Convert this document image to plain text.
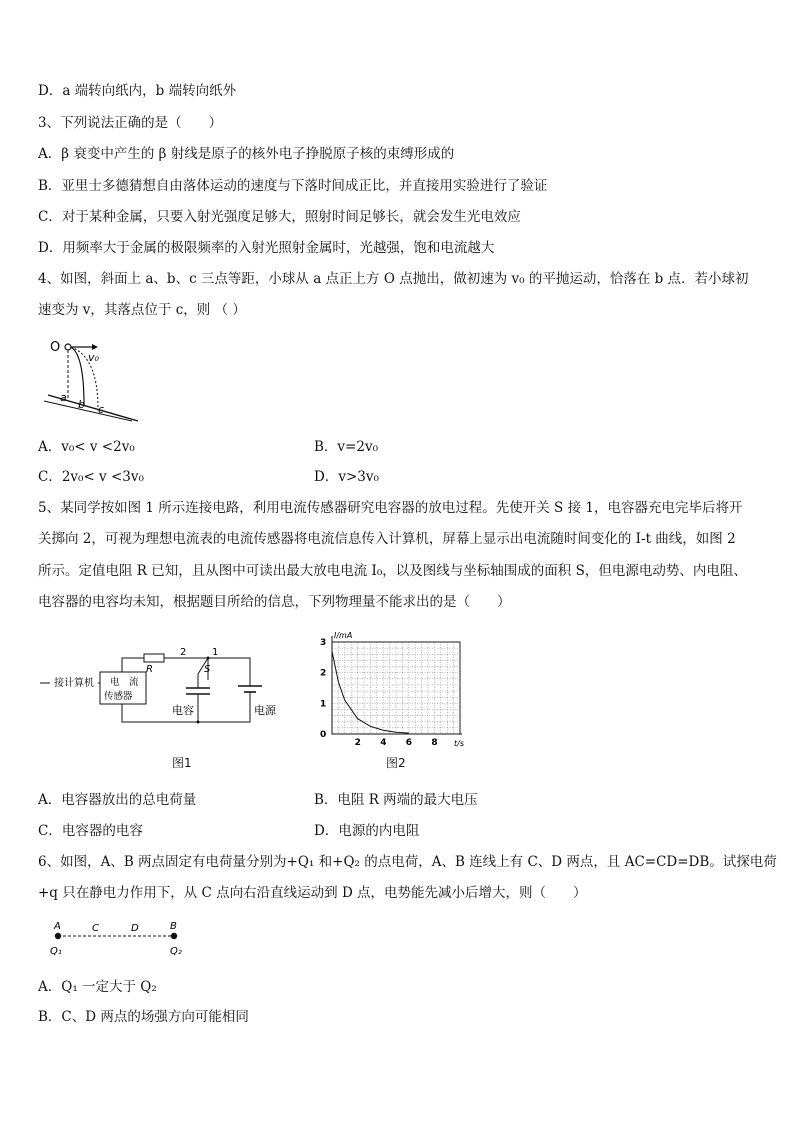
D．a 端转向纸内，b 端转向纸外
3、下列说法正确的是（　　）
A．β 衰变中产生的 β 射线是原子的核外电子挣脱原子核的束缚形成的
B．亚里士多德猜想自由落体运动的速度与下落时间成正比，并直接用实验进行了验证
C．对于某种金属，只要入射光强度足够大，照射时间足够长，就会发生光电效应
D．用频率大于金属的极限频率的入射光照射金属时，光越强，饱和电流越大
4、如图，斜面上 a、b、c 三点等距，小球从 a 点正上方 O 点抛出，做初速为 v₀ 的平抛运动，恰落在 b 点．若小球初
速变为 v，其落点位于 c，则 （ ）
O
v₀
a
b c
A．v₀< v <2v₀	B．v=2v₀
C．2v₀< v <3v₀	D．v>3v₀
5、某同学按如图 1 所示连接电路，利用电流传感器研究电容器的放电过程。先使开关 S 接 1，电容器充电完毕后将开
关掷向 2，可视为理想电流表的电流传感器将电流信息传入计算机，屏幕上显示出电流随时间变化的 I-t 曲线，如图 2
所示。定值电阻 R 已知，且从图中可读出最大放电电流 I₀，以及图线与坐标轴围成的面积 S，但电源电动势、内电阻、
电容器的电容均未知，根据题目所给的信息，下列物理量不能求出的是（　　）
接计算机 电　流
传感器
R
2
S
1
电容	电源
图1
I/mA
t/s
0
1
2
3
2 4 6 8
图2
A．电容器放出的总电荷量	B．电阻 R 两端的最大电压
C．电容器的电容	D．电源的内电阻
6、如图，A、B 两点固定有电荷量分别为+Q₁ 和+Q₂ 的点电荷，A、B 连线上有 C、D 两点，且 AC=CD=DB。试探电荷
+q 只在静电力作用下，从 C 点向右沿直线运动到 D 点，电势能先减小后增大，则（　　）
A	C	D	B
Q₁	Q₂
A．Q₁ 一定大于 Q₂
B．C、D 两点的场强方向可能相同
